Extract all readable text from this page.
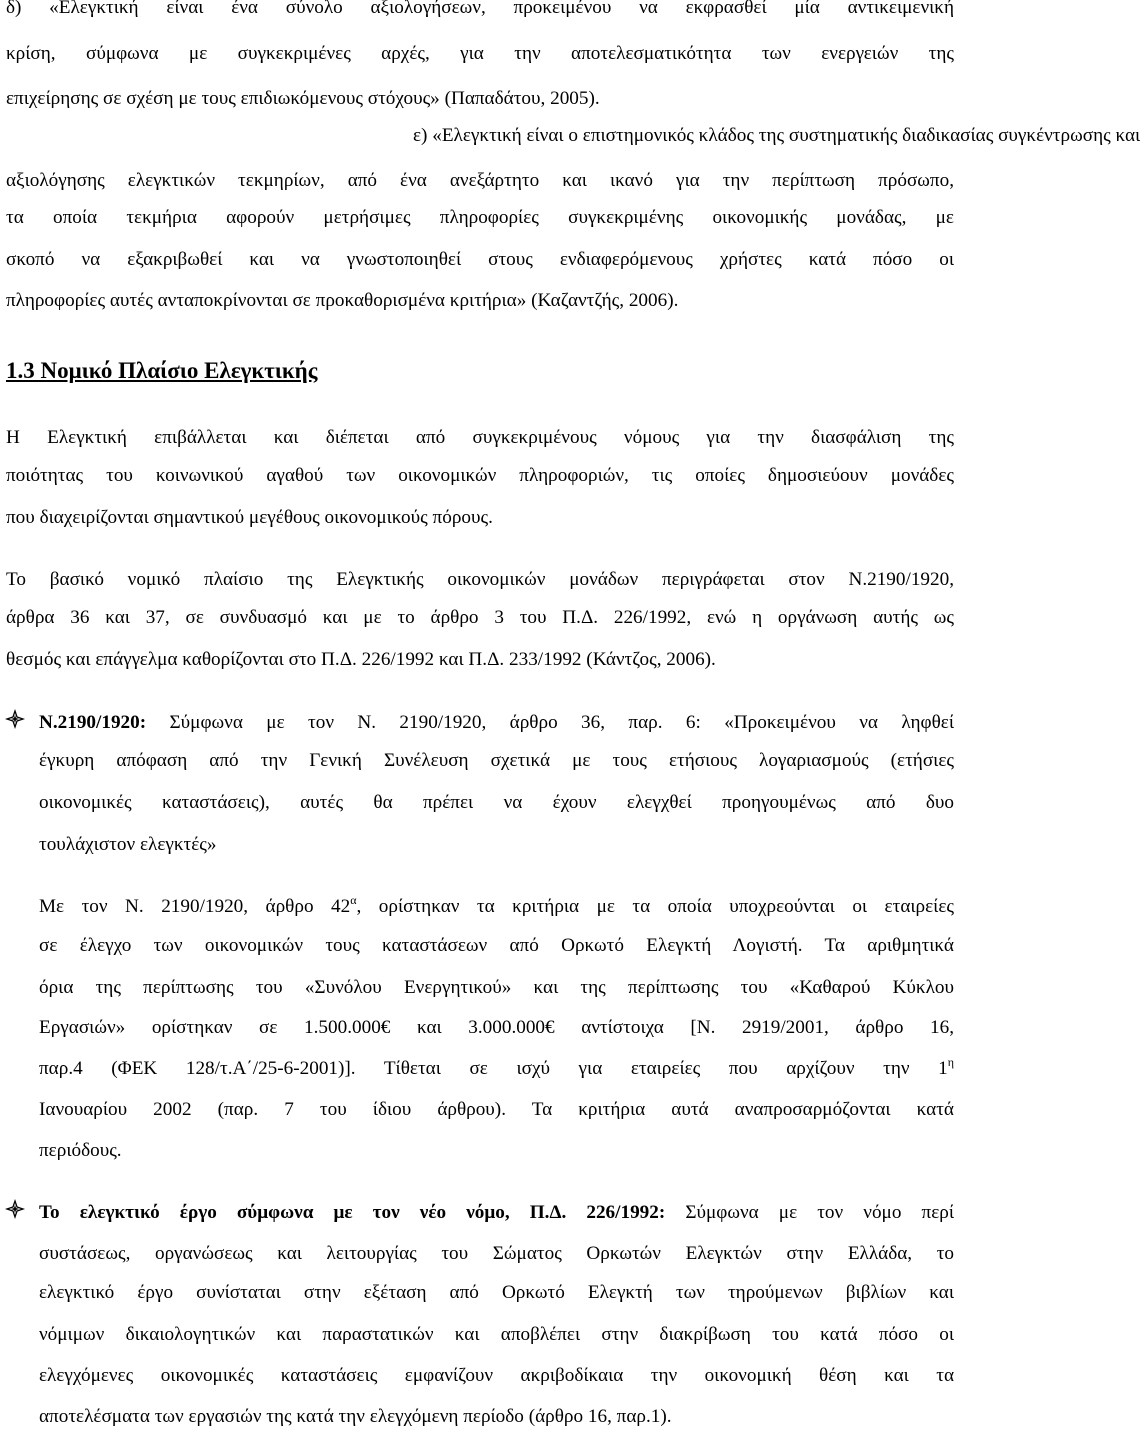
δ) «Ελεγκτική είναι ένα σύνολο αξιολογήσεων, προκειμένου να εκφρασθεί μία αντικειμενική
κρίση, σύμφωνα με συγκεκριμένες αρχές, για την αποτελεσματικότητα των ενεργειών της
επιχείρησης σε σχέση με τους επιδιωκόμενους στόχους» (Παπαδάτου, 2005).
ε) «Ελεγκτική είναι ο επιστημονικός κλάδος της συστηματικής διαδικασίας συγκέντρωσης και
αξιολόγησης ελεγκτικών τεκμηρίων, από ένα ανεξάρτητο και ικανό για την περίπτωση πρόσωπο,
τα οποία τεκμήρια αφορούν μετρήσιμες πληροφορίες συγκεκριμένης οικονομικής μονάδας, με
σκοπό να εξακριβωθεί και να γνωστοποιηθεί στους ενδιαφερόμενους χρήστες κατά πόσο οι
πληροφορίες αυτές ανταποκρίνονται σε προκαθορισμένα κριτήρια» (Καζαντζής, 2006).
1.3 Νομικό Πλαίσιο Ελεγκτικής
Η Ελεγκτική επιβάλλεται και διέπεται από συγκεκριμένους νόμους για την διασφάλιση της
ποιότητας του κοινωνικού αγαθού των οικονομικών πληροφοριών, τις οποίες δημοσιεύουν μονάδες
που διαχειρίζονται σημαντικού μεγέθους οικονομικούς πόρους.
Το βασικό νομικό πλαίσιο της Ελεγκτικής οικονομικών μονάδων περιγράφεται στον Ν.2190/1920,
άρθρα 36 και 37, σε συνδυασμό και με το άρθρο 3 του Π.Δ. 226/1992, ενώ η οργάνωση αυτής ως
θεσμός και επάγγελμα καθορίζονται στο Π.Δ. 226/1992 και Π.Δ. 233/1992 (Κάντζος, 2006).
Ν.2190/1920: Σύμφωνα με τον Ν. 2190/1920, άρθρο 36, παρ. 6: «Προκειμένου να ληφθεί
έγκυρη απόφαση από την Γενική Συνέλευση σχετικά με τους ετήσιους λογαριασμούς (ετήσιες
οικονομικές καταστάσεις), αυτές θα πρέπει να έχουν ελεγχθεί προηγουμένως από δυο
τουλάχιστον ελεγκτές»
Με τον Ν. 2190/1920, άρθρο $42^\alpha$, ορίστηκαν τα κριτήρια με τα οποία υποχρεούνται οι εταιρείες
σε έλεγχο των οικονομικών τους καταστάσεων από Ορκωτό Ελεγκτή Λογιστή. Τα αριθμητικά
όρια της περίπτωσης του «Συνόλου Ενεργητικού» και της περίπτωσης του «Καθαρού Κύκλου
Εργασιών» ορίστηκαν σε 1.500.000€ και 3.000.000€ αντίστοιχα [Ν. 2919/2001, άρθρο 16,
παρ.4 (ΦΕΚ 128/τ.Α΄/25-6-2001)]. Τίθεται σε ισχύ για εταιρείες που αρχίζουν την $1^\eta$
Ιανουαρίου 2002 (παρ. 7 του ίδιου άρθρου). Τα κριτήρια αυτά αναπροσαρμόζονται κατά
περιόδους.
Το ελεγκτικό έργο σύμφωνα με τον νέο νόμο, Π.Δ. 226/1992: Σύμφωνα με τον νόμο περί
συστάσεως, οργανώσεως και λειτουργίας του Σώματος Ορκωτών Ελεγκτών στην Ελλάδα, το
ελεγκτικό έργο συνίσταται στην εξέταση από Ορκωτό Ελεγκτή των τηρούμενων βιβλίων και
νόμιμων δικαιολογητικών και παραστατικών και αποβλέπει στην διακρίβωση του κατά πόσο οι
ελεγχόμενες οικονομικές καταστάσεις εμφανίζουν ακριβοδίκαια την οικονομική θέση και τα
αποτελέσματα των εργασιών της κατά την ελεγχόμενη περίοδο (άρθρο 16, παρ.1).
